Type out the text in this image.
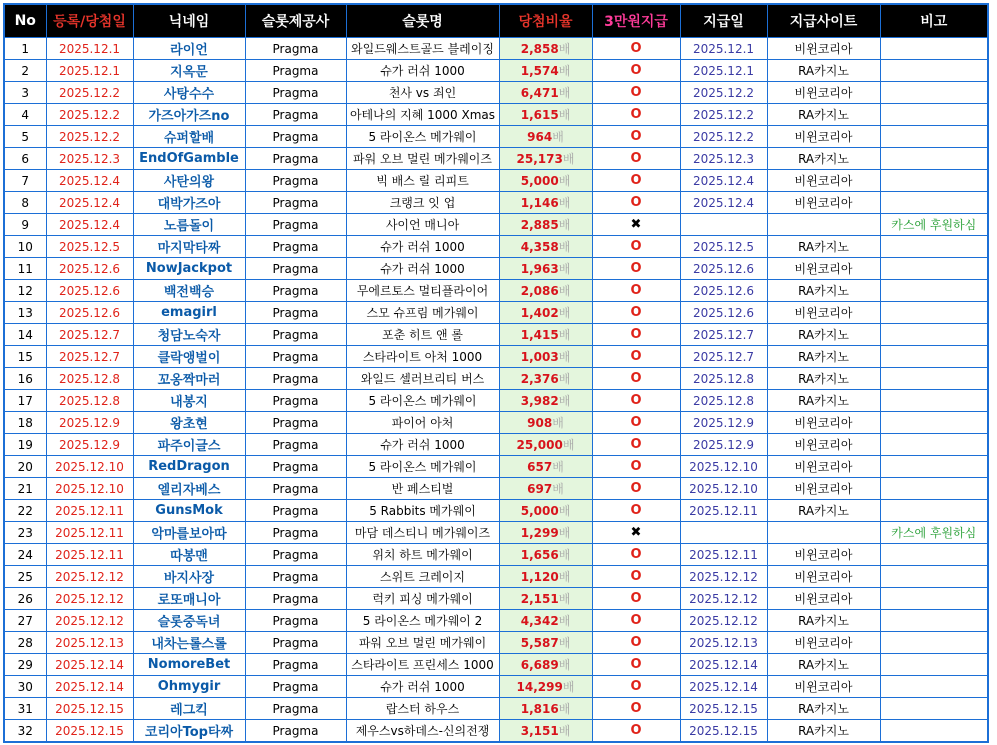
No	등록/당첨일	닉네임	슬롯제공사	슬롯명	당첨비율	3만원지급	지급일	지급사이트	비고
1	2025.12.1	라이언	Pragma	와일드웨스트골드 블레이징	2,858배	O	2025.12.1	비윈코리아	
2	2025.12.1	지옥문	Pragma	슈가 러쉬 1000	1,574배	O	2025.12.1	RA카지노	
3	2025.12.2	사탕수수	Pragma	천사 vs 죄인	6,471배	O	2025.12.2	비윈코리아	
4	2025.12.2	가즈아가즈no	Pragma	아테나의 지혜 1000 Xmas	1,615배	O	2025.12.2	RA카지노	
5	2025.12.2	슈퍼할배	Pragma	5 라이온스 메가웨이	964배	O	2025.12.2	비윈코리아	
6	2025.12.3	EndOfGamble	Pragma	파워 오브 멀린 메가웨이즈	25,173배	O	2025.12.3	RA카지노	
7	2025.12.4	사탄의왕	Pragma	빅 배스 릴 리피트	5,000배	O	2025.12.4	비윈코리아	
8	2025.12.4	대박가즈아	Pragma	크랭크 잇 업	1,146배	O	2025.12.4	비윈코리아	
9	2025.12.4	노름돌이	Pragma	사이언 매니아	2,885배	✖			카스에 후원하심
10	2025.12.5	마지막타짜	Pragma	슈가 러쉬 1000	4,358배	O	2025.12.5	RA카지노	
11	2025.12.6	NowJackpot	Pragma	슈가 러쉬 1000	1,963배	O	2025.12.6	비윈코리아	
12	2025.12.6	백전백승	Pragma	무에르토스 멀티플라이어	2,086배	O	2025.12.6	RA카지노	
13	2025.12.6	emagirl	Pragma	스모 슈프림 메가웨이	1,402배	O	2025.12.6	비윈코리아	
14	2025.12.7	청담노숙자	Pragma	포춘 히트 앤 롤	1,415배	O	2025.12.7	RA카지노	
15	2025.12.7	클락앵벌이	Pragma	스타라이트 아처 1000	1,003배	O	2025.12.7	RA카지노	
16	2025.12.8	꼬옹짝마러	Pragma	와일드 셀러브리티 버스	2,376배	O	2025.12.8	RA카지노	
17	2025.12.8	내봉지	Pragma	5 라이온스 메가웨이	3,982배	O	2025.12.8	RA카지노	
18	2025.12.9	왕초현	Pragma	파이어 아처	908배	O	2025.12.9	비윈코리아	
19	2025.12.9	파주이글스	Pragma	슈가 러쉬 1000	25,000배	O	2025.12.9	비윈코리아	
20	2025.12.10	RedDragon	Pragma	5 라이온스 메가웨이	657배	O	2025.12.10	비윈코리아	
21	2025.12.10	엘리자베스	Pragma	반 페스티벌	697배	O	2025.12.10	비윈코리아	
22	2025.12.11	GunsMok	Pragma	5 Rabbits 메가웨이	5,000배	O	2025.12.11	RA카지노	
23	2025.12.11	악마를보아따	Pragma	마담 데스티니 메가웨이즈	1,299배	✖			카스에 후원하심
24	2025.12.11	따봉맨	Pragma	위치 하트 메가웨이	1,656배	O	2025.12.11	비윈코리아	
25	2025.12.12	바지사장	Pragma	스위트 크레이지	1,120배	O	2025.12.12	비윈코리아	
26	2025.12.12	로또매니아	Pragma	럭키 피싱 메가웨이	2,151배	O	2025.12.12	비윈코리아	
27	2025.12.12	슬롯중독녀	Pragma	5 라이온스 메가웨이 2	4,342배	O	2025.12.12	RA카지노	
28	2025.12.13	내차는롤스롤	Pragma	파워 오브 멀린 메가웨이	5,587배	O	2025.12.13	비윈코리아	
29	2025.12.14	NomoreBet	Pragma	스타라이트 프린세스 1000	6,689배	O	2025.12.14	RA카지노	
30	2025.12.14	Ohmygir	Pragma	슈가 러쉬 1000	14,299배	O	2025.12.14	비윈코리아	
31	2025.12.15	레그킥	Pragma	랍스터 하우스	1,816배	O	2025.12.15	RA카지노	
32	2025.12.15	코리아Top타짜	Pragma	제우스vs하데스-신의전쟁	3,151배	O	2025.12.15	RA카지노	
